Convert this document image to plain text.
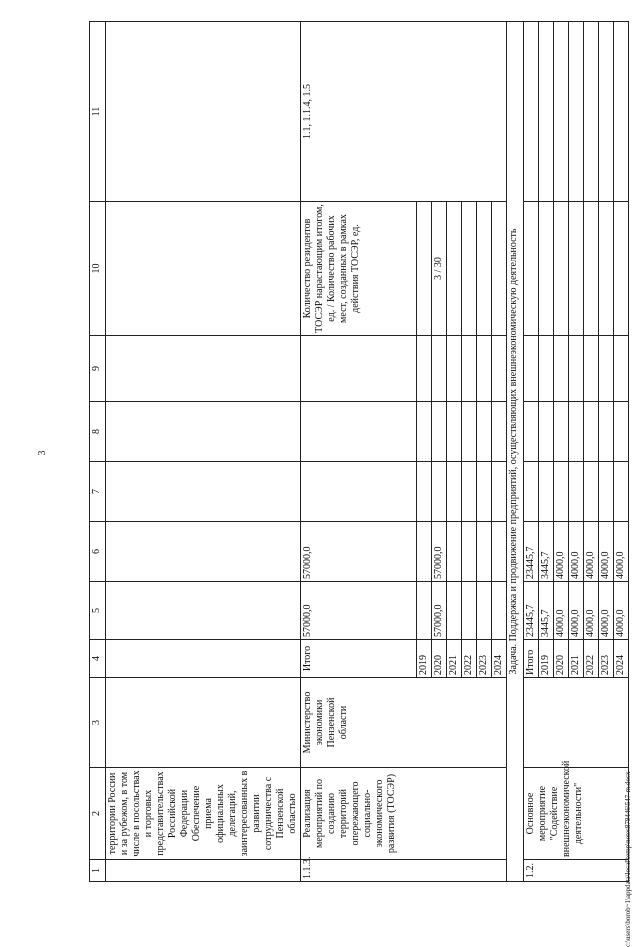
3
c:\users\borob~1\appdata\local\temp\notes879446\547-m.docx
1	2	3	4	5	6	7	8	9	10	11
	территории России и за рубежом, в том числе в посольствах и торговых представительствах Российской Федерации Обеспечение приема официальных делегаций, заинтересованных в развитии сотрудничества с Пензенской областью									
1.1.3.	Реализация мероприятий по созданию территорий опережающего социально-экономического развития (ТОСЭР)	Министерство экономики Пензенской области	Итого	57000,0	57000,0				Количество резидентов ТОСЭР нарастающим итогом, ед. / Количество рабочих мест, созданных в рамках действия ТОСЭР, ед.	1.1, 1.1.4, 1.5
			2019							
			2020	57000,0	57000,0				3 / 30	
			2021							
			2022							
			2023							
			2024							
Задача. Поддержка и продвижение предприятий, осуществляющих внешнеэкономическую деятельность										
1.2.	Основное мероприятие "Содействие внешнеэкономической деятельности"		Итого	23445,7	23445,7					
			2019	3445,7	3445,7					
			2020	4000,0	4000,0					
			2021	4000,0	4000,0					
			2022	4000,0	4000,0					
			2023	4000,0	4000,0					
			2024	4000,0	4000,0					
